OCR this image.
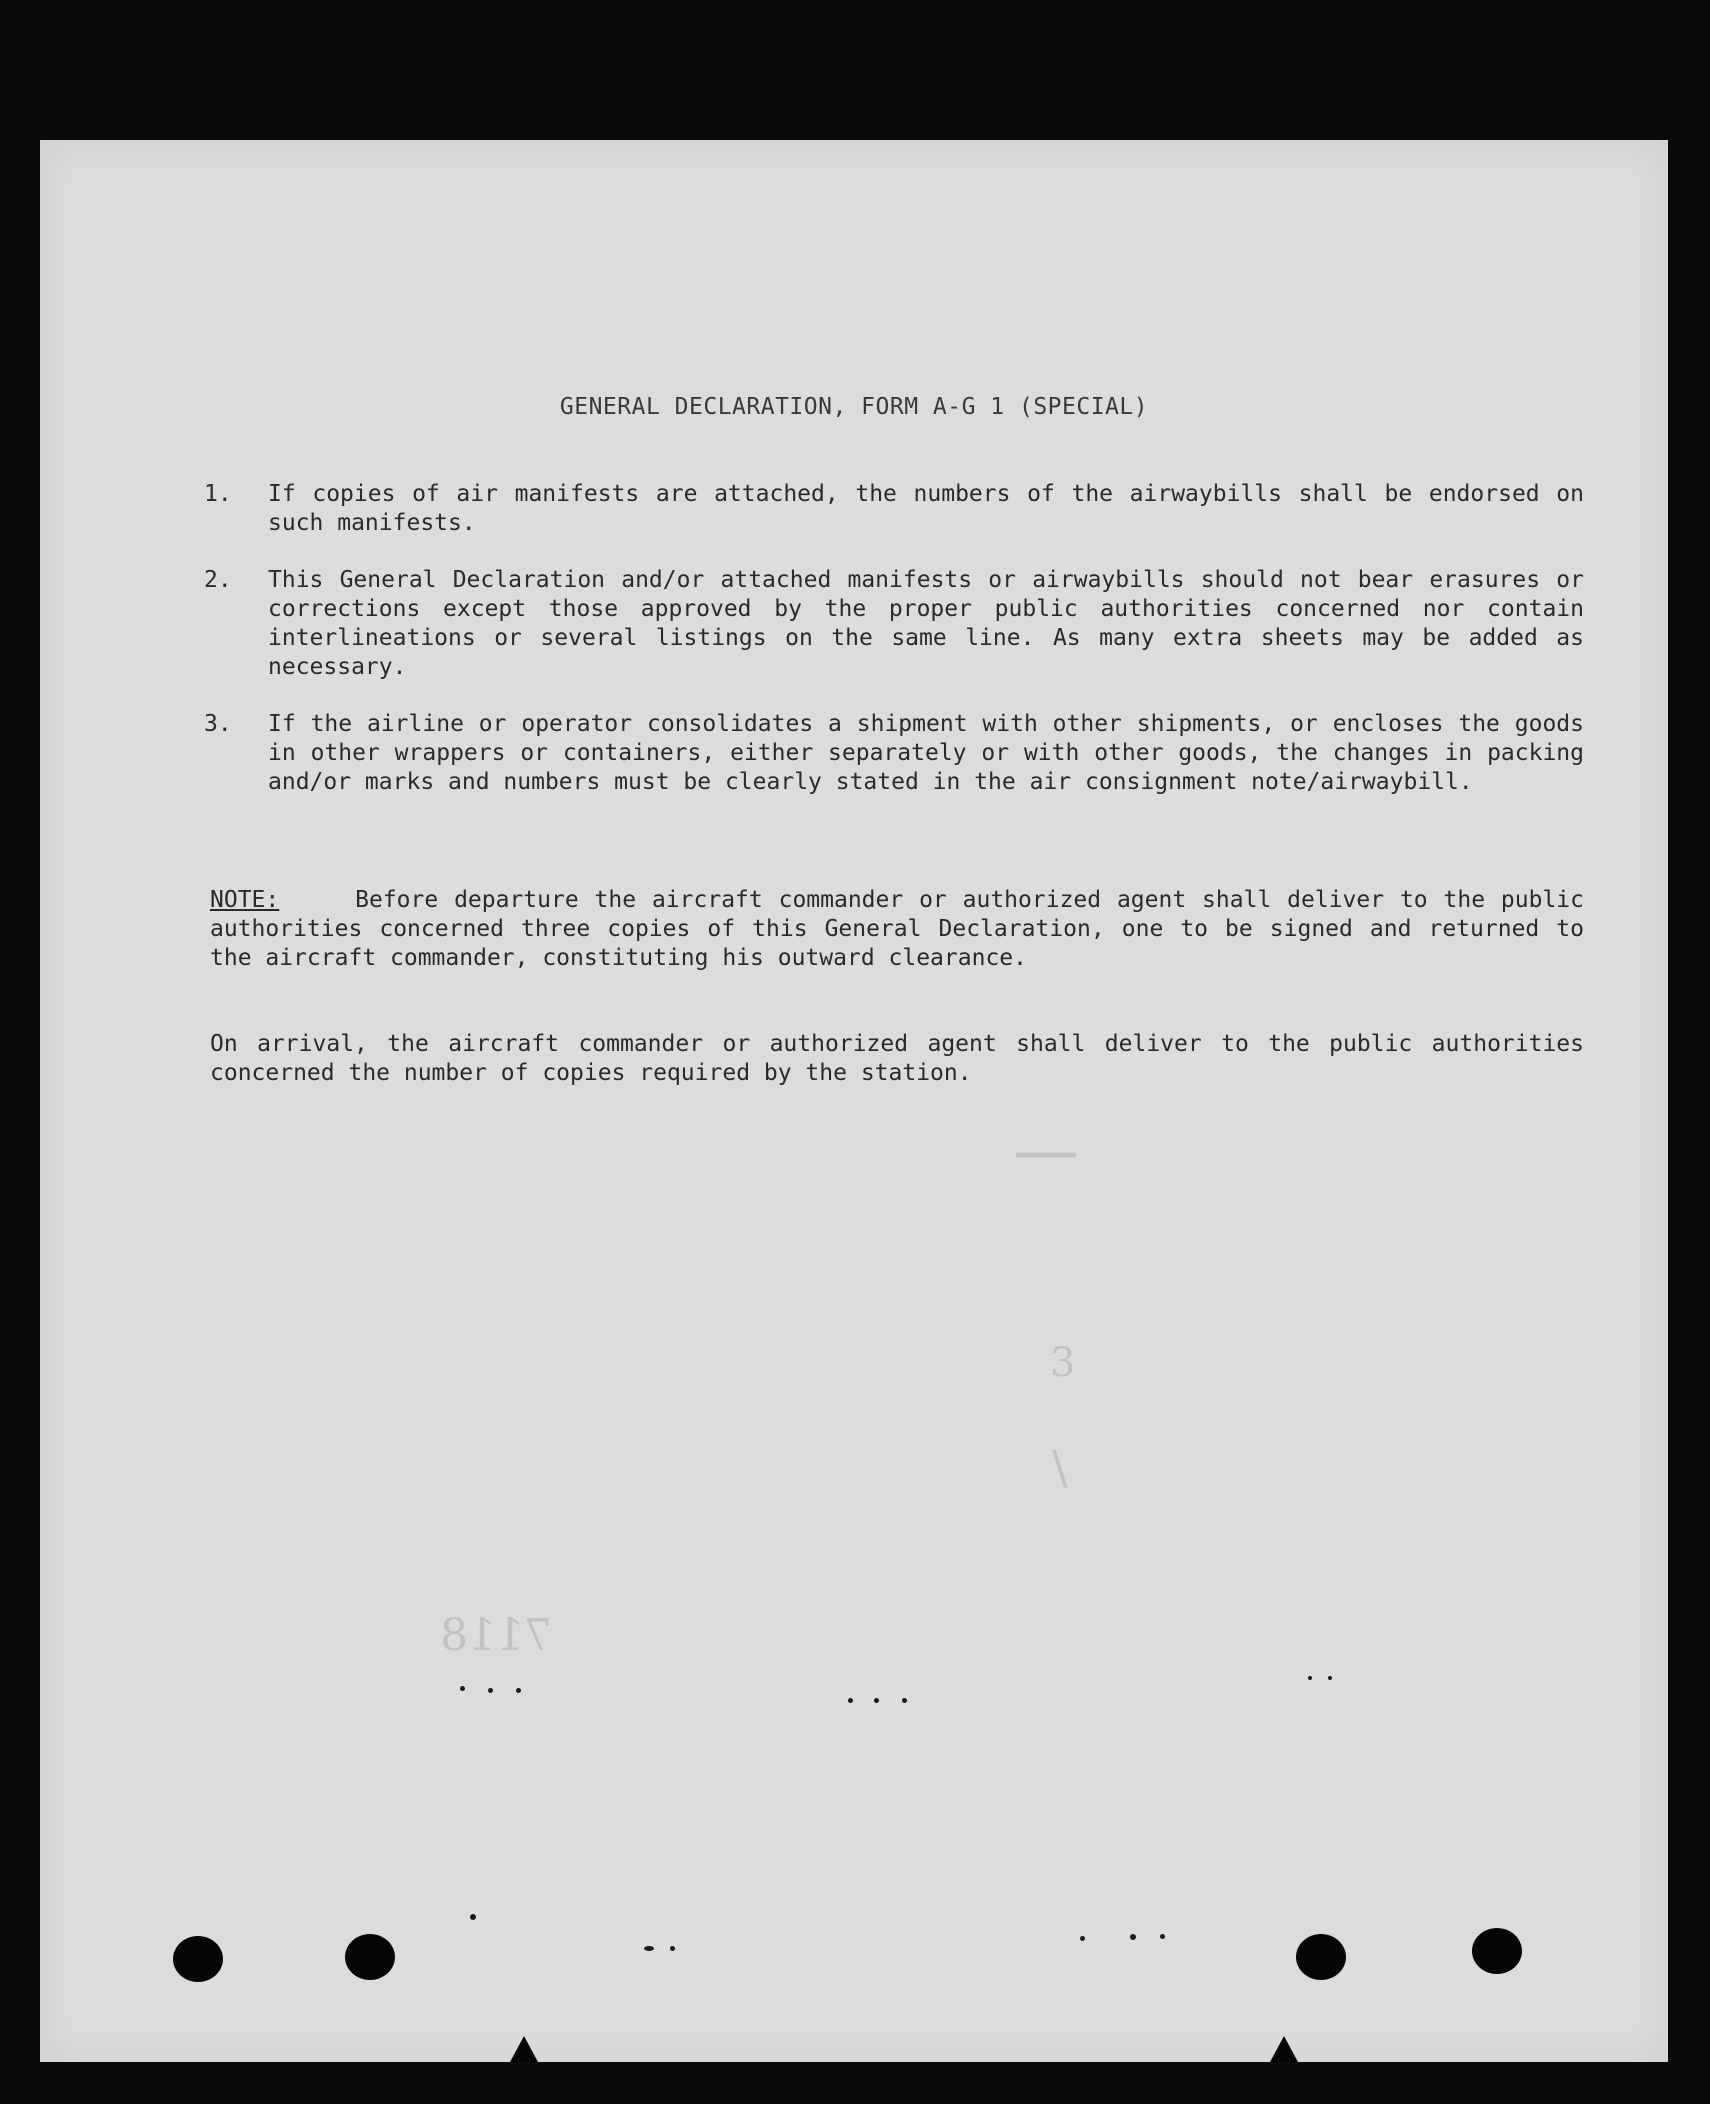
GENERAL DECLARATION, FORM A-G 1 (SPECIAL)
1. If copies of air manifests are attached, the numbers of the airwaybills shall be endorsed on such manifests.
2. This General Declaration and/or attached manifests or airwaybills should not bear erasures or corrections except those approved by the proper public authorities concerned nor contain interlineations or several listings on the same line. As many extra sheets may be added as necessary.
3. If the airline or operator consolidates a shipment with other shipments, or encloses the goods in other wrappers or containers, either separately or with other goods, the changes in packing and/or marks and numbers must be clearly stated in the air consignment note/airwaybill.
NOTE:	Before departure the aircraft commander or authorized agent shall deliver to the public authorities concerned three copies of this General Declaration, one to be signed and returned to the aircraft commander, constituting his outward clearance.
On arrival, the aircraft commander or authorized agent shall deliver to the public authorities concerned the number of copies required by the station.
|
3
\
7118
